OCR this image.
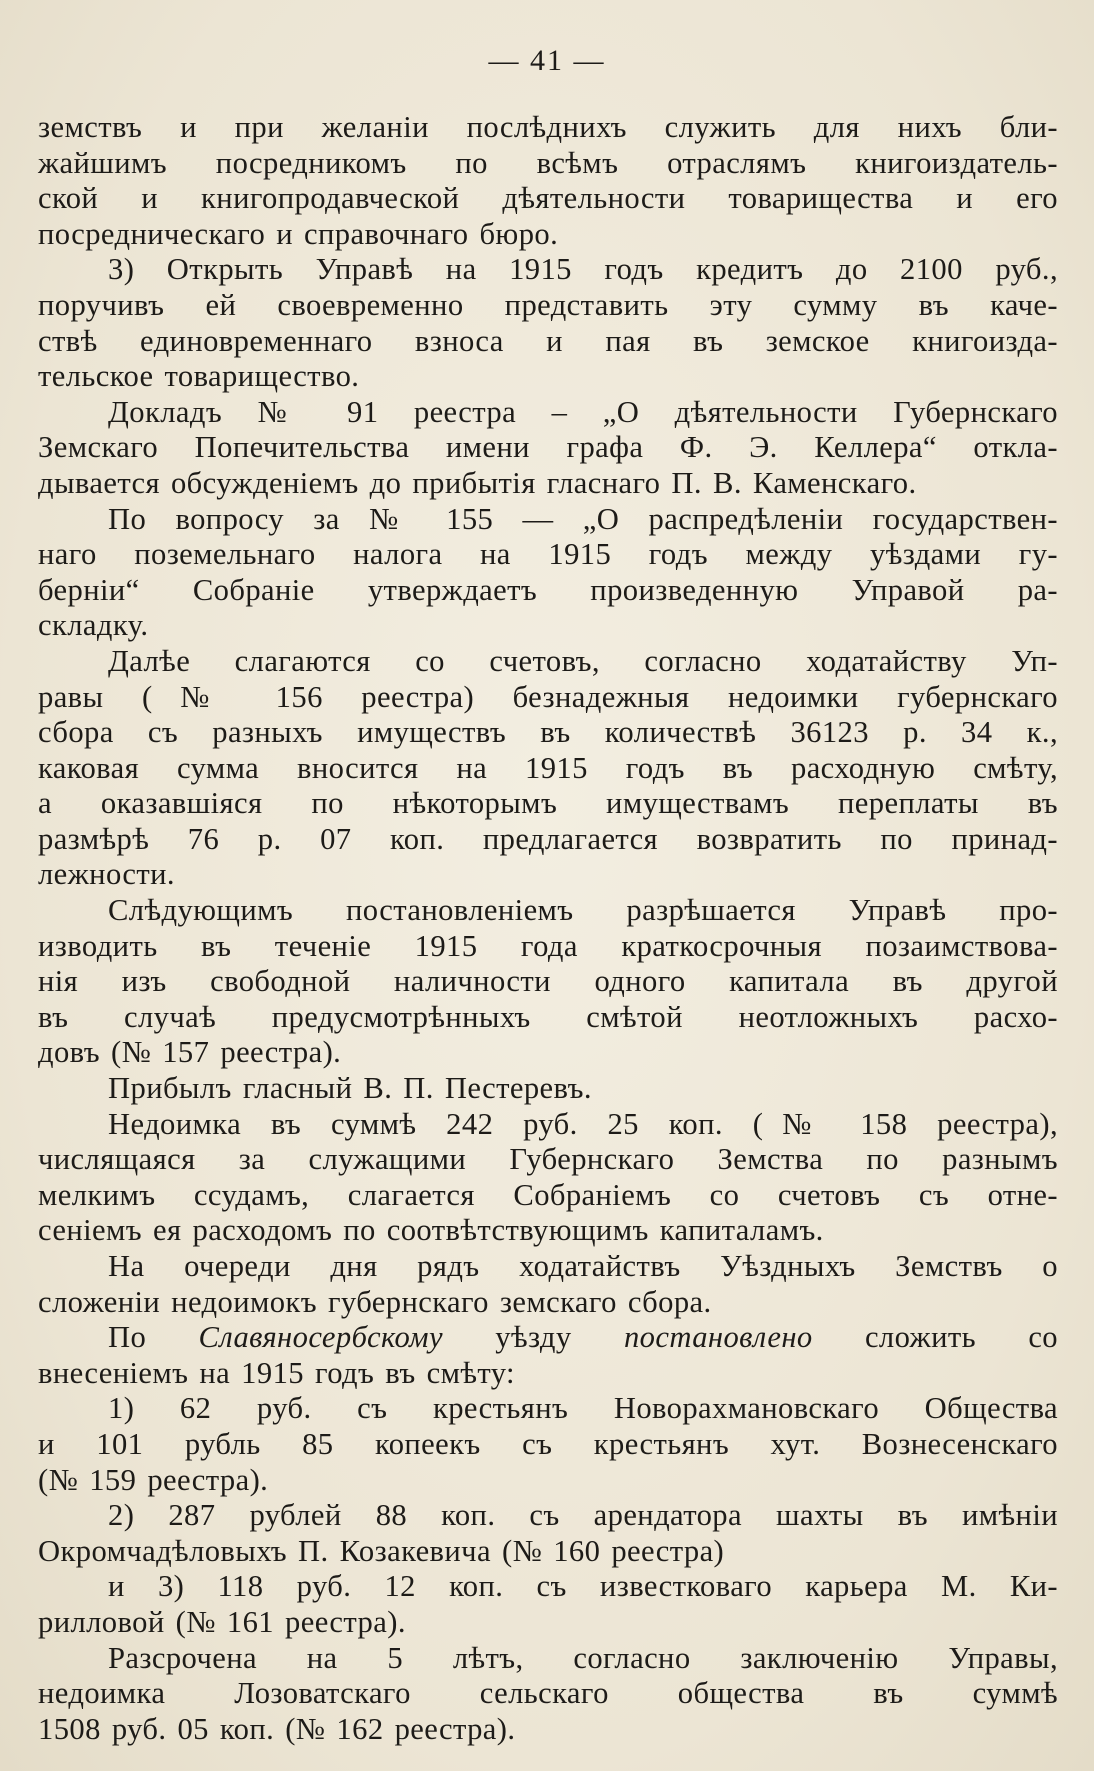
— 41 —

земствъ и при желанiи послѣднихъ служить для нихъ бли-
жайшимъ посредникомъ по всѣмъ отраслямъ книгоиздатель-
ской и книгопродавческой дѣятельности товарищества и его
посредническаго и справочнаго бюро.

3) Открыть Управѣ на 1915 годъ кредитъ до 2100 руб.,
поручивъ ей своевременно представить эту сумму въ каче-
ствѣ единовременнаго взноса и пая въ земское книгоизда-
тельское товарищество.

Докладъ № 91 реестра – „О дѣятельности Губернскаго
Земскаго Попечительства имени графа Ф. Э. Келлера“ откла-
дывается обсужденiемъ до прибытiя гласнаго П. В. Каменскаго.

По вопросу за № 155 — „О распредѣленiи государствен-
наго поземельнаго налога на 1915 годъ между уѣздами гу-
бернiи“ Собранiе утверждаетъ произведенную Управой ра-
складку.

Далѣе слагаются со счетовъ, согласно ходатайству Уп-
равы (№ 156 реестра) безнадежныя недоимки губернскаго
сбора съ разныхъ имуществъ въ количествѣ 36123 р. 34 к.,
каковая сумма вносится на 1915 годъ въ расходную смѣту,
а оказавшiяся по нѣкоторымъ имуществамъ переплаты въ
размѣрѣ 76 р. 07 коп. предлагается возвратить по принад-
лежности.

Слѣдующимъ постановленiемъ разрѣшается Управѣ про-
изводить въ теченiе 1915 года краткосрочныя позаимствова-
нiя изъ свободной наличности одного капитала въ другой
въ случаѣ предусмотрѣнныхъ смѣтой неотложныхъ расхо-
довъ (№ 157 реестра).

Прибылъ гласный В. П. Пестеревъ.

Недоимка въ суммѣ 242 руб. 25 коп. (№ 158 реестра),
числящаяся за служащими Губернскаго Земства по разнымъ
мелкимъ ссудамъ, слагается Собранiемъ со счетовъ съ отне-
сенiемъ ея расходомъ по соотвѣтствующимъ капиталамъ.

На очереди дня рядъ ходатайствъ Уѣздныхъ Земствъ о
сложенiи недоимокъ губернскаго земскаго сбора.

По Славяносербскому уѣзду постановлено сложить со
внесенiемъ на 1915 годъ въ смѣту:

1) 62 руб. съ крестьянъ Новорахмановскаго Общества
и 101 рубль 85 копеекъ съ крестьянъ хут. Вознесенскаго
(№ 159 реестра).

2) 287 рублей 88 коп. съ арендатора шахты въ имѣнiи
Окромчадѣловыхъ П. Козакевича (№ 160 реестра)

и 3) 118 руб. 12 коп. съ известковаго карьера М. Ки-
рилловой (№ 161 реестра).

Разсрочена на 5 лѣтъ, согласно заключенiю Управы,
недоимка Лозоватскаго сельскаго общества въ суммѣ
1508 руб. 05 коп. (№ 162 реестра).
